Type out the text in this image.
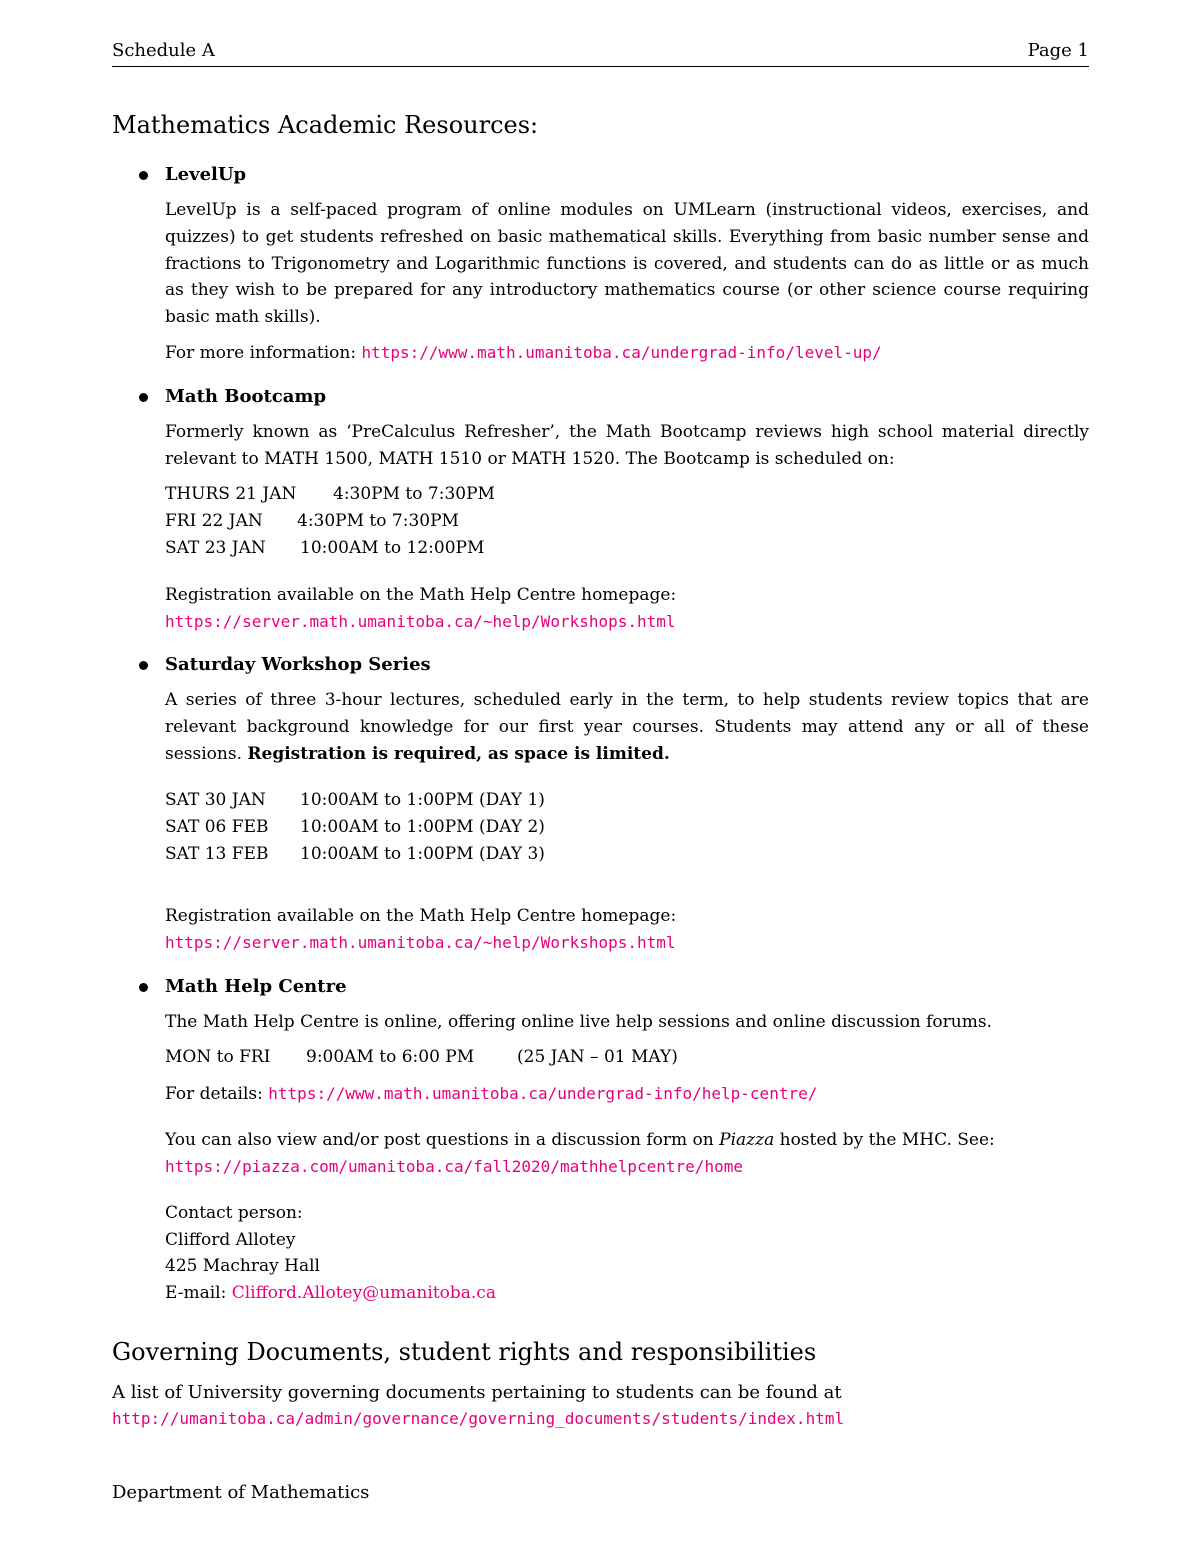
Schedule A	Page 1
Mathematics Academic Resources:
LevelUp
LevelUp is a self-paced program of online modules on UMLearn (instructional videos, exercises, and quizzes) to get students refreshed on basic mathematical skills. Everything from basic number sense and fractions to Trigonometry and Logarithmic functions is covered, and students can do as little or as much as they wish to be prepared for any introductory mathematics course (or other science course requiring basic math skills).
For more information: https://www.math.umanitoba.ca/undergrad-info/level-up/
Math Bootcamp
Formerly known as ‘PreCalculus Refresher’, the Math Bootcamp reviews high school material directly relevant to MATH 1500, MATH 1510 or MATH 1520. The Bootcamp is scheduled on:
THURS 21 JAN 4:30PM to 7:30PM
FRI 22 JAN 4:30PM to 7:30PM
SAT 23 JAN 10:00AM to 12:00PM
Registration available on the Math Help Centre homepage:
https://server.math.umanitoba.ca/~help/Workshops.html
Saturday Workshop Series
A series of three 3-hour lectures, scheduled early in the term, to help students review topics that are relevant background knowledge for our first year courses. Students may attend any or all of these sessions. Registration is required, as space is limited.
SAT 30 JAN 10:00AM to 1:00PM (DAY 1)
SAT 06 FEB 10:00AM to 1:00PM (DAY 2)
SAT 13 FEB 10:00AM to 1:00PM (DAY 3)
Registration available on the Math Help Centre homepage:
https://server.math.umanitoba.ca/~help/Workshops.html
Math Help Centre
The Math Help Centre is online, offering online live help sessions and online discussion forums.
MON to FRI 9:00AM to 6:00 PM	(25 JAN – 01 MAY)
For details: https://www.math.umanitoba.ca/undergrad-info/help-centre/
You can also view and/or post questions in a discussion form on Piazza hosted by the MHC. See:
https://piazza.com/umanitoba.ca/fall2020/mathhelpcentre/home
Contact person:
Clifford Allotey
425 Machray Hall
E-mail: Clifford.Allotey@umanitoba.ca
Governing Documents, student rights and responsibilities
A list of University governing documents pertaining to students can be found at
http://umanitoba.ca/admin/governance/governing_documents/students/index.html
Department of Mathematics
